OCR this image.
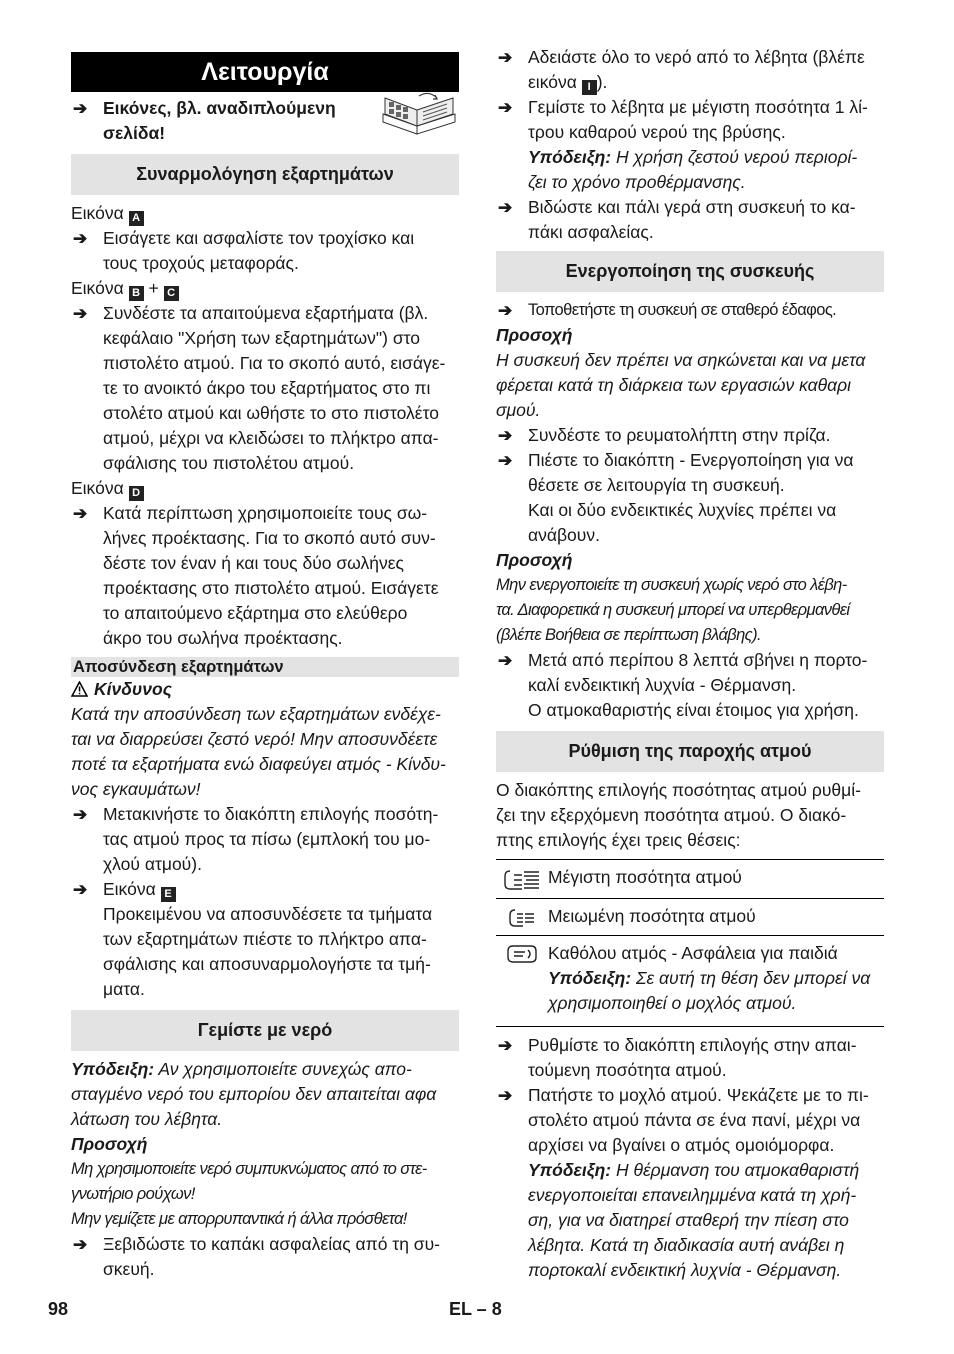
Λειτουργία
➔ Εικόνες, βλ. αναδιπλούμενη
σελίδα!
Συναρμολόγηση εξαρτημάτων
Εικόνα A
➔ Εισάγετε και ασφαλίστε τον τροχίσκο και
τους τροχούς μεταφοράς.
Εικόνα B + C
➔ Συνδέστε τα απαιτούμενα εξαρτήματα (βλ.
κεφάλαιο "Χρήση των εξαρτημάτων") στο
πιστολέτο ατμού. Για το σκοπό αυτό, εισάγε-
τε το ανοικτό άκρο του εξαρτήματος στο πι
στολέτο ατμού και ωθήστε το στο πιστολέτο
ατμού, μέχρι να κλειδώσει το πλήκτρο απα-
σφάλισης του πιστολέτου ατμού.
Εικόνα D
➔ Κατά περίπτωση χρησιμοποιείτε τους σω-
λήνες προέκτασης. Για το σκοπό αυτό συν-
δέστε τον έναν ή και τους δύο σωλήνες
προέκτασης στο πιστολέτο ατμού. Εισάγετε
το απαιτούμενο εξάρτημα στο ελεύθερο
άκρο του σωλήνα προέκτασης.
Αποσύνδεση εξαρτημάτων
Κίνδυνος
Κατά την αποσύνδεση των εξαρτημάτων ενδέχε-
ται να διαρρεύσει ζεστό νερό! Μην αποσυνδέετε
ποτέ τα εξαρτήματα ενώ διαφεύγει ατμός - Κίνδυ-
νος εγκαυμάτων!
➔ Μετακινήστε το διακόπτη επιλογής ποσότη-
τας ατμού προς τα πίσω (εμπλοκή του μο-
χλού ατμού).
➔ Εικόνα E
Προκειμένου να αποσυνδέσετε τα τμήματα
των εξαρτημάτων πιέστε το πλήκτρο απα-
σφάλισης και αποσυναρμολογήστε τα τμή-
ματα.
Γεμίστε με νερό
Υπόδειξη: Αν χρησιμοποιείτε συνεχώς απο-
σταγμένο νερό του εμπορίου δεν απαιτείται αφα
λάτωση του λέβητα.
Προσοχή
Μη χρησιμοποιείτε νερό συμπυκνώματος από το στε-
γνωτήριο ρούχων!
Μην γεμίζετε με απορρυπαντικά ή άλλα πρόσθετα!
➔ Ξεβιδώστε το καπάκι ασφαλείας από τη συ-
σκευή.
➔ Αδειάστε όλο το νερό από το λέβητα (βλέπε
εικόνα I ).
➔ Γεμίστε το λέβητα με μέγιστη ποσότητα 1 λί-
τρου καθαρού νερού της βρύσης.
Υπόδειξη: Η χρήση ζεστού νερού περιορί-
ζει το χρόνο προθέρμανσης.
➔ Βιδώστε και πάλι γερά στη συσκευή το κα-
πάκι ασφαλείας.
Ενεργοποίηση της συσκευής
➔ Τοποθετήστε τη συσκευή σε σταθερό έδαφος.
Προσοχή
Η συσκευή δεν πρέπει να σηκώνεται και να μετα
φέρεται κατά τη διάρκεια των εργασιών καθαρι
σμού.
➔ Συνδέστε το ρευματολήπτη στην πρίζα.
➔ Πιέστε το διακόπτη - Ενεργοποίηση για να
θέσετε σε λειτουργία τη συσκευή.
Και οι δύο ενδεικτικές λυχνίες πρέπει να
ανάβουν.
Προσοχή
Μην ενεργοποιείτε τη συσκευή χωρίς νερό στο λέβη-
τα. Διαφορετικά η συσκευή μπορεί να υπερθερμανθεί
(βλέπε Βοήθεια σε περίπτωση βλάβης).
➔ Μετά από περίπου 8 λεπτά σβήνει η πορτο-
καλί ενδεικτική λυχνία - Θέρμανση.
Ο ατμοκαθαριστής είναι έτοιμος για χρήση.
Ρύθμιση της παροχής ατμού
Ο διακόπτης επιλογής ποσότητας ατμού ρυθμί-
ζει την εξερχόμενη ποσότητα ατμού. Ο διακό-
πτης επιλογής έχει τρεις θέσεις:
Μέγιστη ποσότητα ατμού
Μειωμένη ποσότητα ατμού
Καθόλου ατμός - Ασφάλεια για παιδιά
Υπόδειξη: Σε αυτή τη θέση δεν μπορεί να
χρησιμοποιηθεί ο μοχλός ατμού.
➔ Ρυθμίστε το διακόπτη επιλογής στην απαι-
τούμενη ποσότητα ατμού.
➔ Πατήστε το μοχλό ατμού. Ψεκάζετε με το πι-
στολέτο ατμού πάντα σε ένα πανί, μέχρι να
αρχίσει να βγαίνει ο ατμός ομοιόμορφα.
Υπόδειξη: Η θέρμανση του ατμοκαθαριστή
ενεργοποιείται επανειλημμένα κατά τη χρή-
ση, για να διατηρεί σταθερή την πίεση στο
λέβητα. Κατά τη διαδικασία αυτή ανάβει η
πορτοκαλί ενδεικτική λυχνία - Θέρμανση.
98	EL – 8
